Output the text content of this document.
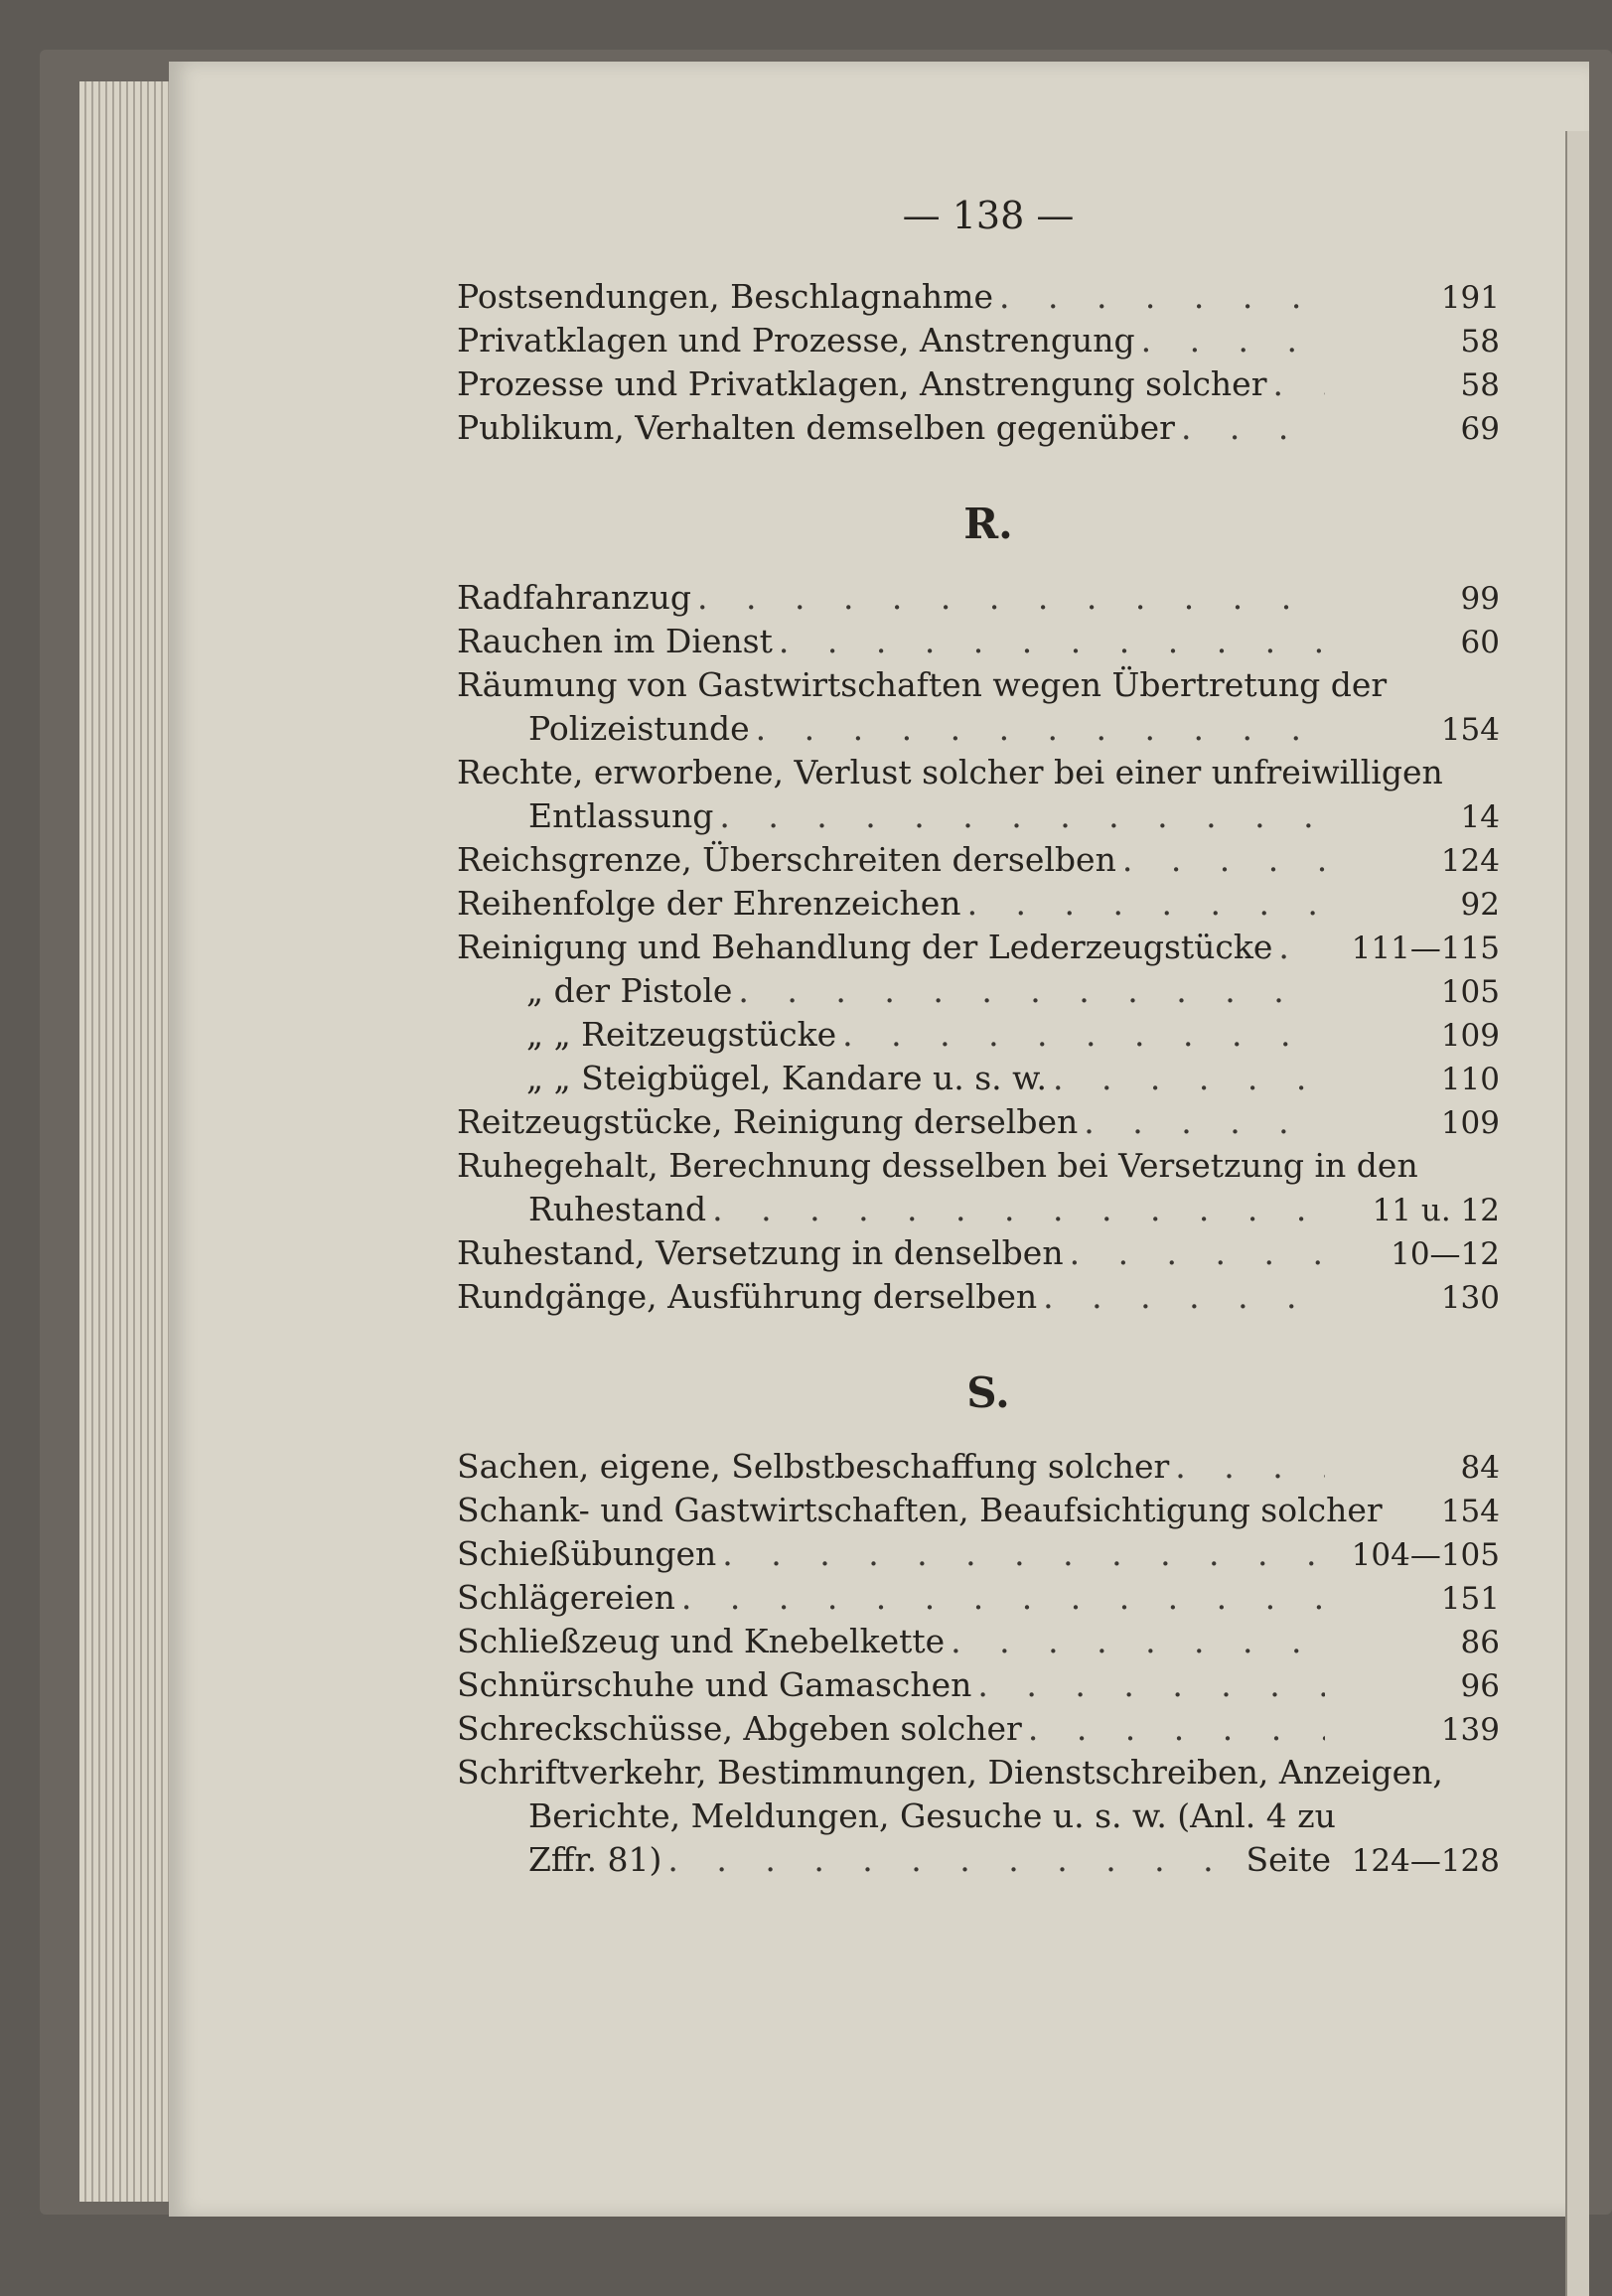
— 138 —
Postsendungen, Beschlagnahme . . .	191
Privatklagen und Prozesse, Anstrengung . . .	58
Prozesse und Privatklagen, Anstrengung solcher . . .	58
Publikum, Verhalten demselben gegenüber . . .	69
R.
Radfahranzug . . .	99
Rauchen im Dienst . . .	60
Räumung von Gastwirtschaften wegen Übertretung der
Polizeistunde . . .	154
Rechte, erworbene, Verlust solcher bei einer unfreiwilligen
Entlassung . . .	14
Reichsgrenze, Überschreiten derselben . . .	124
Reihenfolge der Ehrenzeichen . . .	92
Reinigung und Behandlung der Lederzeugstücke . . .	111—115
„ der Pistole . . .	105
„ „ Reitzeugstücke . . .	109
„ „ Steigbügel, Kandare u. s. w. . . .	110
Reitzeugstücke, Reinigung derselben . . .	109
Ruhegehalt, Berechnung desselben bei Versetzung in den
Ruhestand . . .	11 u. 12
Ruhestand, Versetzung in denselben . . .	10—12
Rundgänge, Ausführung derselben . . .	130
S.
Sachen, eigene, Selbstbeschaffung solcher . . .	84
Schank- und Gastwirtschaften, Beaufsichtigung solcher	154
Schießübungen . . .	104—105
Schlägereien . . .	151
Schließzeug und Knebelkette . . .	86
Schnürschuhe und Gamaschen . . .	96
Schreckschüsse, Abgeben solcher . . .	139
Schriftverkehr, Bestimmungen, Dienstschreiben, Anzeigen,
Berichte, Meldungen, Gesuche u. s. w. (Anl. 4 zu
Zffr. 81) . . .	Seite 124—128
